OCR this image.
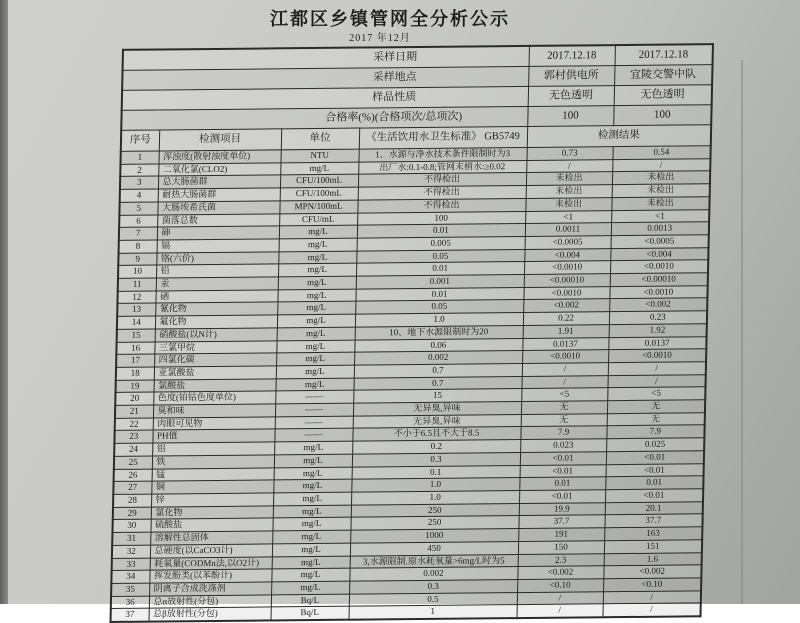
江都区乡镇管网全分析公示
2017 年12月
采样日期				2017.12.18	2017.12.18
采样地点				郭村供电所	宜陵交警中队
样品性质				无色透明	无色透明
合格率(%)(合格项次/总项次)				100	100
序号	检测项目	单位	《生活饮用水卫生标准》 GB5749	检测结果	
1	浑浊度(散射浊度单位)	NTU	1、水源与净水技术条件限制时为3	0.73	0.54
2	二氧化氯(CLO2)	mg/L	出厂水:0.1-0.8;管网末梢水:≥0.02	/	/
3	总大肠菌群	CFU/100mL	不得检出	未检出	未检出
4	耐热大肠菌群	CFU/100mL	不得检出	未检出	未检出
5	大肠埃希氏菌	MPN/100mL	不得检出	未检出	未检出
6	菌落总数	CFU/mL	100	<1	<1
7	砷	mg/L	0.01	0.0011	0.0013
8	镉	mg/L	0.005	<0.0005	<0.0005
9	铬(六价)	mg/L	0.05	<0.004	<0.004
10	铅	mg/L	0.01	<0.0010	<0.0010
11	汞	mg/L	0.001	<0.00010	<0.00010
12	硒	mg/L	0.01	<0.0010	<0.0010
13	氰化物	mg/L	0.05	<0.002	<0.002
14	氟化物	mg/L	1.0	0.22	0.23
15	硝酸盐(以N计)	mg/L	10、地下水源限制时为20	1.91	1.92
16	三氯甲烷	mg/L	0.06	0.0137	0.0137
17	四氯化碳	mg/L	0.002	<0.0010	<0.0010
18	亚氯酸盐	mg/L	0.7	/	/
19	氯酸盐	mg/L	0.7	/	/
20	色度(铂钴色度单位)	——	15	<5	<5
21	臭和味	——	无异臭,异味	无	无
22	肉眼可见物	——	无异臭,异味	无	无
23	PH值	——	不小于6.5且不大于8.5	7.9	7.9
24	铝	mg/L	0.2	0.023	0.025
25	铁	mg/L	0.3	<0.01	<0.01
26	锰	mg/L	0.1	<0.01	<0.01
27	铜	mg/L	1.0	0.01	0.01
28	锌	mg/L	1.0	<0.01	<0.01
29	氯化物	mg/L	250	19.9	20.1
30	硫酸盐	mg/L	250	37.7	37.7
31	溶解性总固体	mg/L	1000	191	163
32	总硬度(以CaCO3计)	mg/L	450	150	151
33	耗氧量(CODMn法,以O2计)	mg/L	3,水源限制.原水耗氧量>6mg/L时为5	2.3	1.6
34	挥发酚类(以苯酚计)	mg/L	0.002	<0.002	<0.002
35	阴离子合成洗涤剂	mg/L	0.3	<0.10	<0.10
36	总α放射性(分包)	Bq/L	0.5	/	/
37	总β放射性(分包)	Bq/L	1	/	/
